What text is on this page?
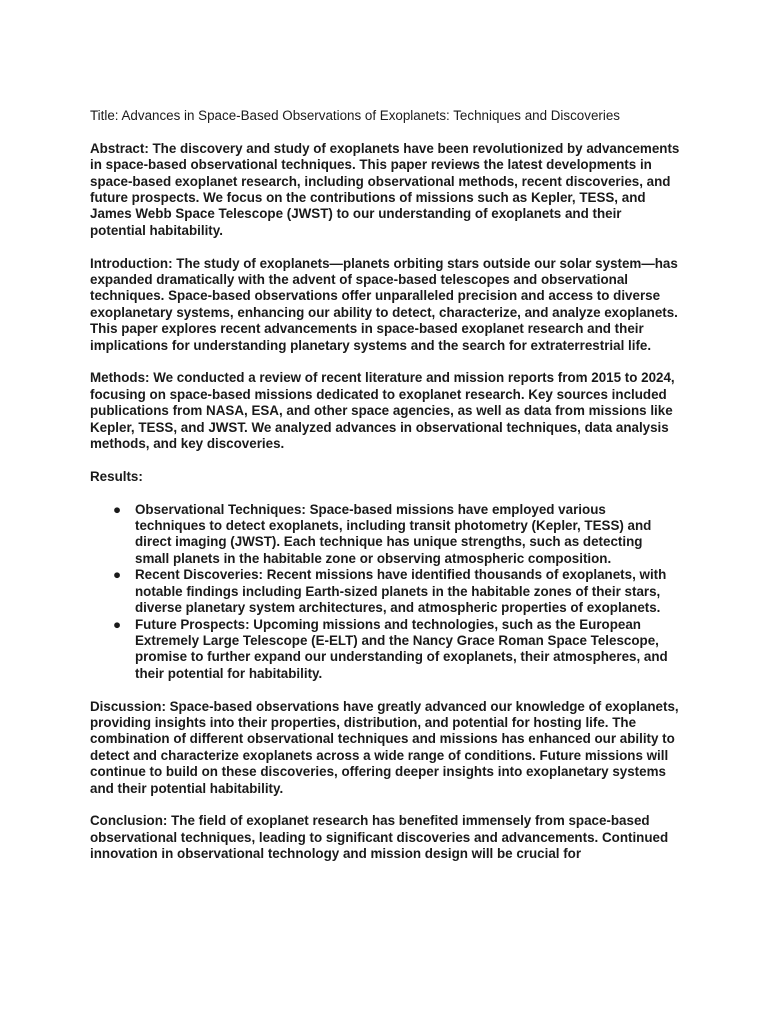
Title: Advances in Space-Based Observations of Exoplanets: Techniques and Discoveries

Abstract: The discovery and study of exoplanets have been revolutionized by advancements in space-based observational techniques. This paper reviews the latest developments in space-based exoplanet research, including observational methods, recent discoveries, and future prospects. We focus on the contributions of missions such as Kepler, TESS, and James Webb Space Telescope (JWST) to our understanding of exoplanets and their potential habitability.

Introduction: The study of exoplanets—planets orbiting stars outside our solar system—has expanded dramatically with the advent of space-based telescopes and observational techniques. Space-based observations offer unparalleled precision and access to diverse exoplanetary systems, enhancing our ability to detect, characterize, and analyze exoplanets. This paper explores recent advancements in space-based exoplanet research and their implications for understanding planetary systems and the search for extraterrestrial life.

Methods: We conducted a review of recent literature and mission reports from 2015 to 2024, focusing on space-based missions dedicated to exoplanet research. Key sources included publications from NASA, ESA, and other space agencies, as well as data from missions like Kepler, TESS, and JWST. We analyzed advances in observational techniques, data analysis methods, and key discoveries.

Results:

● Observational Techniques: Space-based missions have employed various techniques to detect exoplanets, including transit photometry (Kepler, TESS) and direct imaging (JWST). Each technique has unique strengths, such as detecting small planets in the habitable zone or observing atmospheric composition.
● Recent Discoveries: Recent missions have identified thousands of exoplanets, with notable findings including Earth-sized planets in the habitable zones of their stars, diverse planetary system architectures, and atmospheric properties of exoplanets.
● Future Prospects: Upcoming missions and technologies, such as the European Extremely Large Telescope (E-ELT) and the Nancy Grace Roman Space Telescope, promise to further expand our understanding of exoplanets, their atmospheres, and their potential for habitability.

Discussion: Space-based observations have greatly advanced our knowledge of exoplanets, providing insights into their properties, distribution, and potential for hosting life. The combination of different observational techniques and missions has enhanced our ability to detect and characterize exoplanets across a wide range of conditions. Future missions will continue to build on these discoveries, offering deeper insights into exoplanetary systems and their potential habitability.

Conclusion: The field of exoplanet research has benefited immensely from space-based observational techniques, leading to significant discoveries and advancements. Continued innovation in observational technology and mission design will be crucial for
